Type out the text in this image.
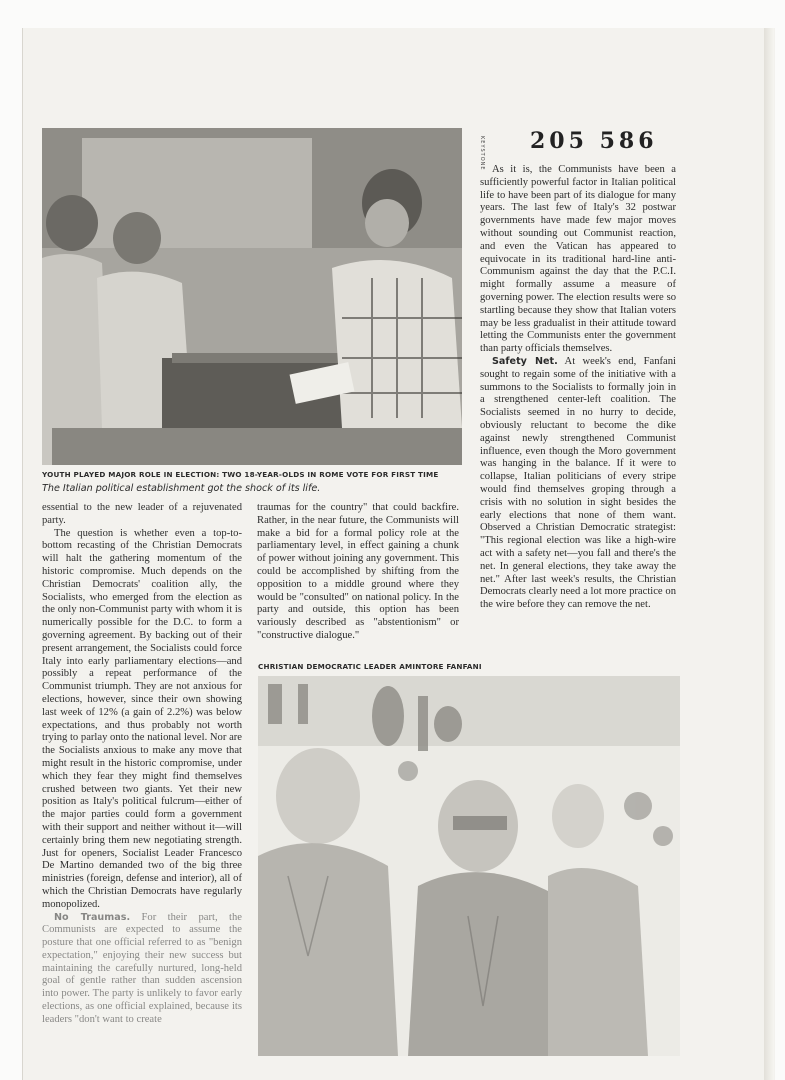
KEYSTONE 205 586
YOUTH PLAYED MAJOR ROLE IN ELECTION: TWO 18-YEAR-OLDS IN ROME VOTE FOR FIRST TIME
The Italian political establishment got the shock of its life.

essential to the new leader of a rejuvenated party.

The question is whether even a top-to-bottom recasting of the Christian Democrats will halt the gathering momentum of the historic compromise. Much depends on the Christian Democrats' coalition ally, the Socialists, who emerged from the election as the only non-Communist party with whom it is numerically possible for the D.C. to form a governing agreement. By backing out of their present arrangement, the Socialists could force Italy into early parliamentary elections—and possibly a repeat performance of the Communist triumph. They are not anxious for elections, however, since their own showing last week of 12% (a gain of 2.2%) was below expectations, and thus probably not worth trying to parlay onto the national level. Nor are the Socialists anxious to make any move that might result in the historic compromise, under which they fear they might find themselves crushed between two giants. Yet their new position as Italy's political fulcrum—either of the major parties could form a government with their support and neither without it—will certainly bring them new negotiating strength. Just for openers, Socialist Leader Francesco De Martino demanded two of the big three ministries (foreign, defense and interior), all of which the Christian Democrats have regularly monopolized.

No Traumas. For their part, the Communists are expected to assume the posture that one official referred to as "benign expectation," enjoying their new success but maintaining the carefully nurtured, long-held goal of gentle rather than sudden ascension into power. The party is unlikely to favor early elections, as one official explained, because its leaders "don't want to create

traumas for the country" that could backfire. Rather, in the near future, the Communists will make a bid for a formal policy role at the parliamentary level, in effect gaining a chunk of power without joining any government. This could be accomplished by shifting from the opposition to a middle ground where they would be "consulted" on national policy. In the party and outside, this option has been variously described as "abstentionism" or "constructive dialogue."

As it is, the Communists have been a sufficiently powerful factor in Italian political life to have been part of its dialogue for many years. The last few of Italy's 32 postwar governments have made few major moves without sounding out Communist reaction, and even the Vatican has appeared to equivocate in its traditional hard-line anti-Communism against the day that the P.C.I. might formally assume a measure of governing power. The election results were so startling because they show that Italian voters may be less gradualist in their attitude toward letting the Communists enter the government than party officials themselves.

Safety Net. At week's end, Fanfani sought to regain some of the initiative with a summons to the Socialists to formally join in a strengthened center-left coalition. The Socialists seemed in no hurry to decide, obviously reluctant to become the dike against newly strengthened Communist influence, even though the Moro government was hanging in the balance. If it were to collapse, Italian politicians of every stripe would find themselves groping through a crisis with no solution in sight besides the early elections that none of them want. Observed a Christian Democratic strategist: "This regional election was like a high-wire act with a safety net—you fall and there's the net. In general elections, they take away the net." After last week's results, the Christian Democrats clearly need a lot more practice on the wire before they can remove the net.

CHRISTIAN DEMOCRATIC LEADER AMINTORE FANFANI
